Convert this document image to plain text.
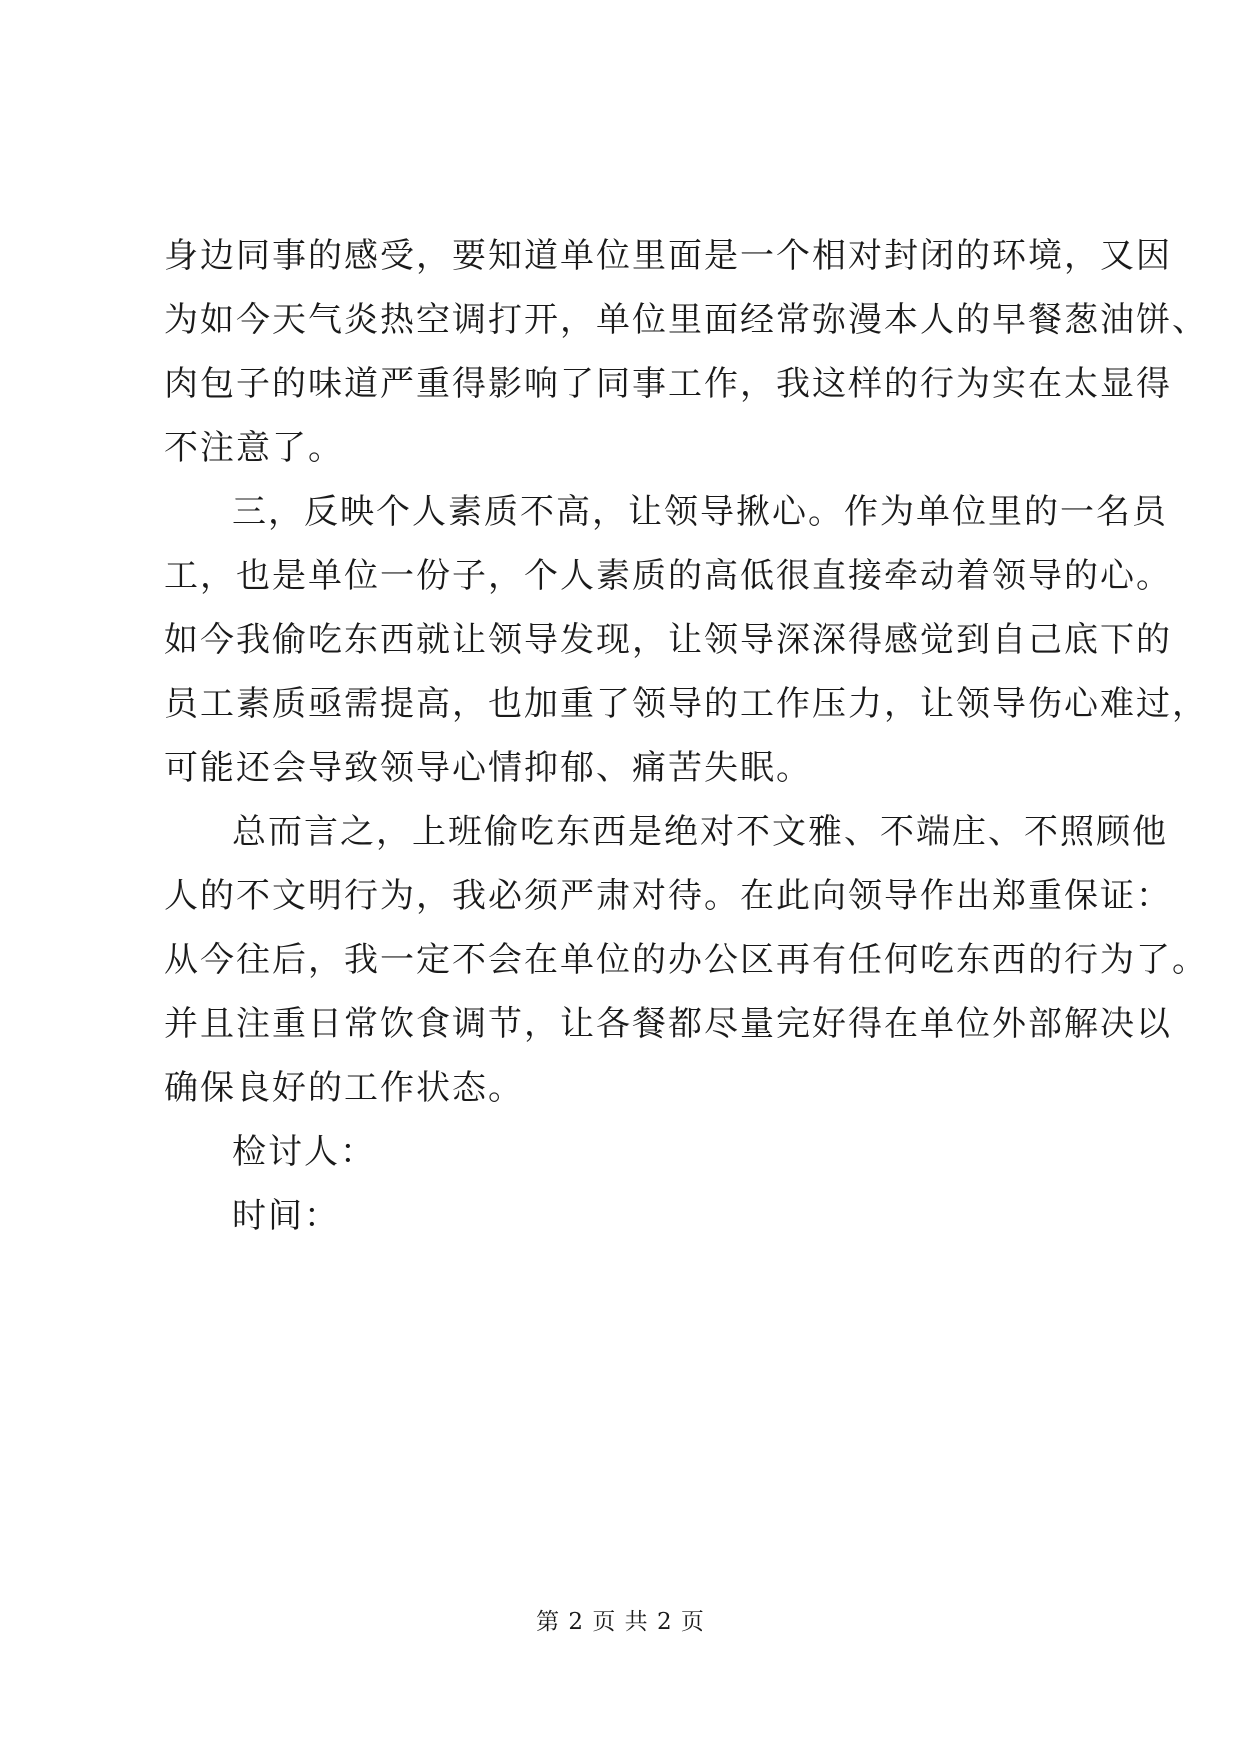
身边同事的感受，要知道单位里面是一个相对封闭的环境，又因
为如今天气炎热空调打开，单位里面经常弥漫本人的早餐葱油饼、
肉包子的味道严重得影响了同事工作，我这样的行为实在太显得
不注意了。
三，反映个人素质不高，让领导揪心。作为单位里的一名员
工，也是单位一份子，个人素质的高低很直接牵动着领导的心。
如今我偷吃东西就让领导发现，让领导深深得感觉到自己底下的
员工素质亟需提高，也加重了领导的工作压力，让领导伤心难过，
可能还会导致领导心情抑郁、痛苦失眠。
总而言之，上班偷吃东西是绝对不文雅、不端庄、不照顾他
人的不文明行为，我必须严肃对待。在此向领导作出郑重保证：
从今往后，我一定不会在单位的办公区再有任何吃东西的行为了。
并且注重日常饮食调节，让各餐都尽量完好得在单位外部解决以
确保良好的工作状态。
检讨人：
时间：
第 2 页 共 2 页
